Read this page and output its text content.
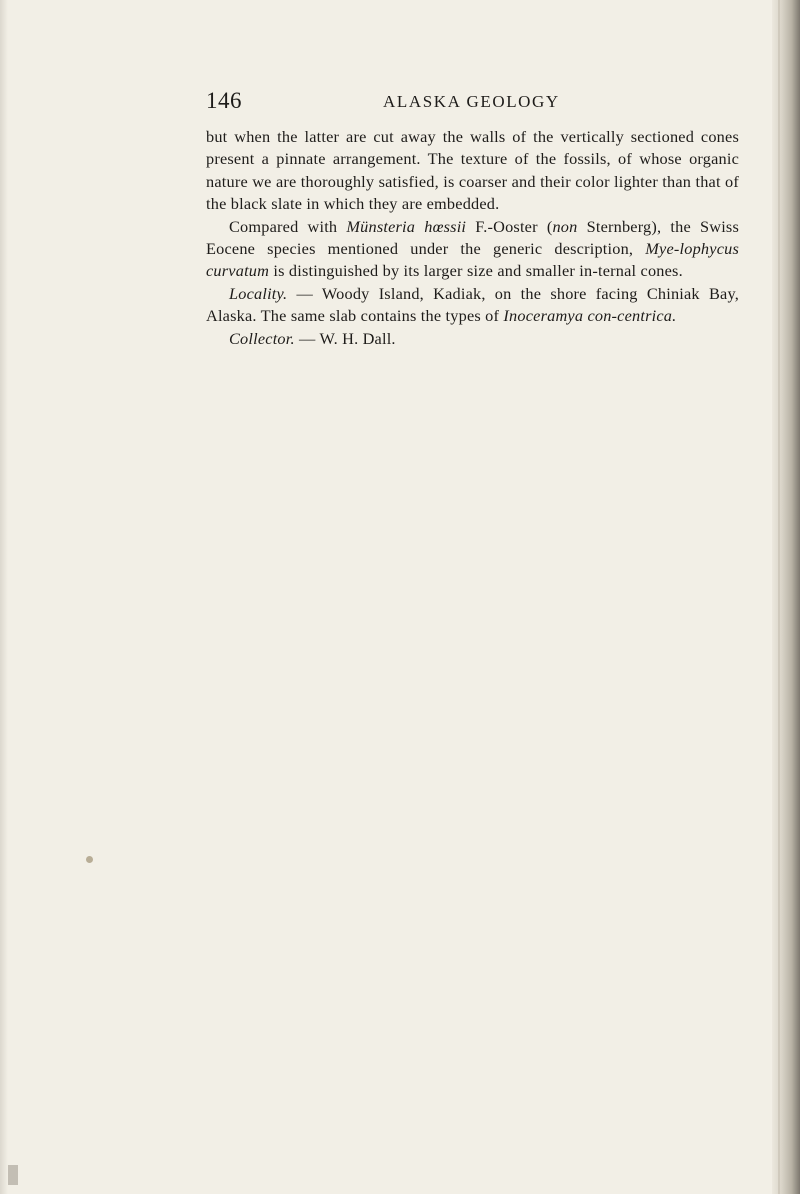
146	ALASKA GEOLOGY

but when the latter are cut away the walls of the vertically sectioned cones present a pinnate arrangement. The texture of the fossils, of whose organic nature we are thoroughly satisfied, is coarser and their color lighter than that of the black slate in which they are embedded.

Compared with Münsteria hœssii F.-Ooster (non Sternberg), the Swiss Eocene species mentioned under the generic description, Mye-lophycus curvatum is distinguished by its larger size and smaller in-ternal cones.

Locality. — Woody Island, Kadiak, on the shore facing Chiniak Bay, Alaska. The same slab contains the types of Inoceramya con-centrica.

Collector. — W. H. Dall.
